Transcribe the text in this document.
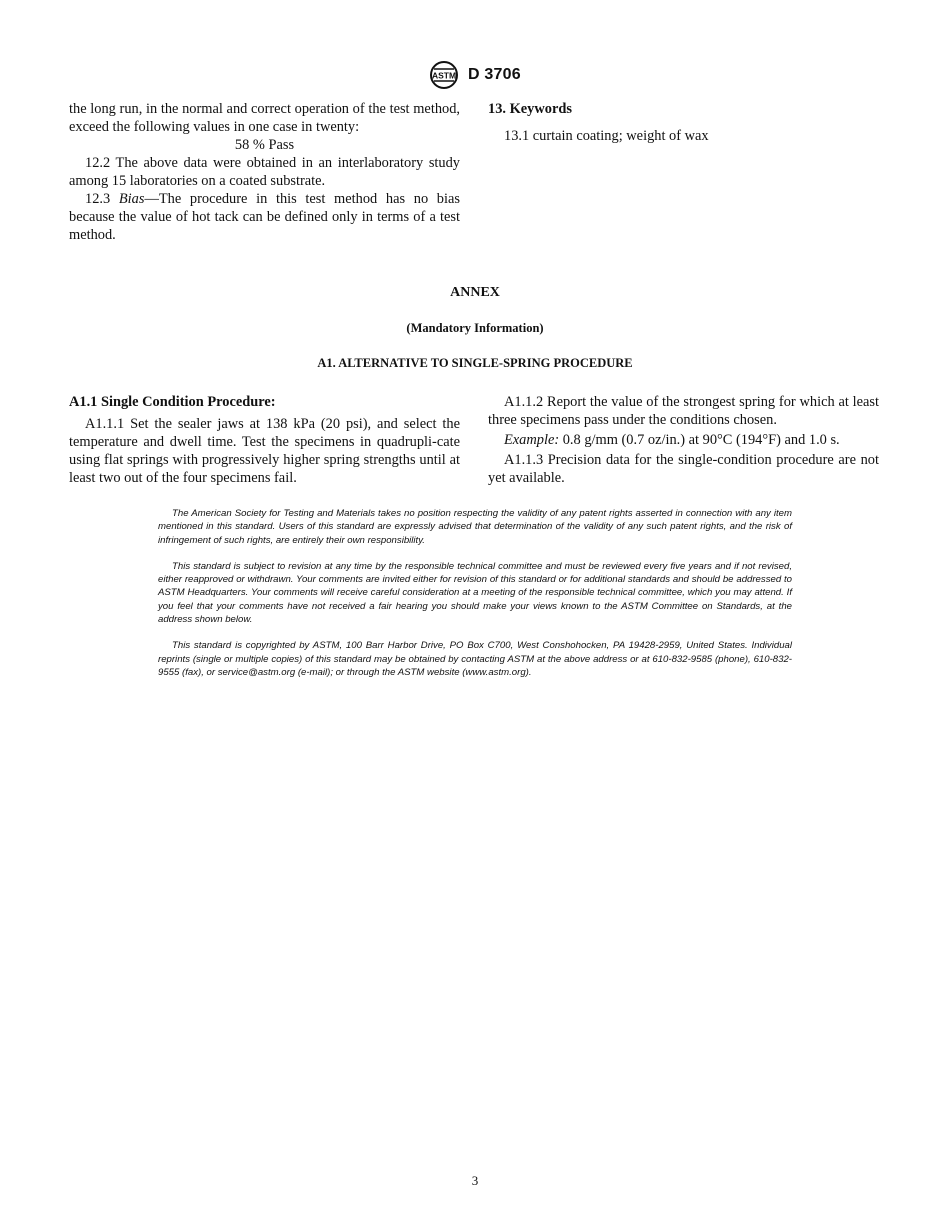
ASTM D 3706

the long run, in the normal and correct operation of the test method, exceed the following values in one case in twenty:

58 % Pass

12.2 The above data were obtained in an interlaboratory study among 15 laboratories on a coated substrate.

12.3 Bias—The procedure in this test method has no bias because the value of hot tack can be defined only in terms of a test method.

13. Keywords

13.1 curtain coating; weight of wax

ANNEX
(Mandatory Information)
A1. ALTERNATIVE TO SINGLE-SPRING PROCEDURE

A1.1 Single Condition Procedure:

A1.1.1 Set the sealer jaws at 138 kPa (20 psi), and select the temperature and dwell time. Test the specimens in quadrupli-cate using flat springs with progressively higher spring strengths until at least two out of the four specimens fail.

A1.1.2 Report the value of the strongest spring for which at least three specimens pass under the conditions chosen.

Example: 0.8 g/mm (0.7 oz/in.) at 90°C (194°F) and 1.0 s.

A1.1.3 Precision data for the single-condition procedure are not yet available.

The American Society for Testing and Materials takes no position respecting the validity of any patent rights asserted in connection with any item mentioned in this standard. Users of this standard are expressly advised that determination of the validity of any such patent rights, and the risk of infringement of such rights, are entirely their own responsibility.

This standard is subject to revision at any time by the responsible technical committee and must be reviewed every five years and if not revised, either reapproved or withdrawn. Your comments are invited either for revision of this standard or for additional standards and should be addressed to ASTM Headquarters. Your comments will receive careful consideration at a meeting of the responsible technical committee, which you may attend. If you feel that your comments have not received a fair hearing you should make your views known to the ASTM Committee on Standards, at the address shown below.

This standard is copyrighted by ASTM, 100 Barr Harbor Drive, PO Box C700, West Conshohocken, PA 19428-2959, United States. Individual reprints (single or multiple copies) of this standard may be obtained by contacting ASTM at the above address or at 610-832-9585 (phone), 610-832-9555 (fax), or service@astm.org (e-mail); or through the ASTM website (www.astm.org).

3
